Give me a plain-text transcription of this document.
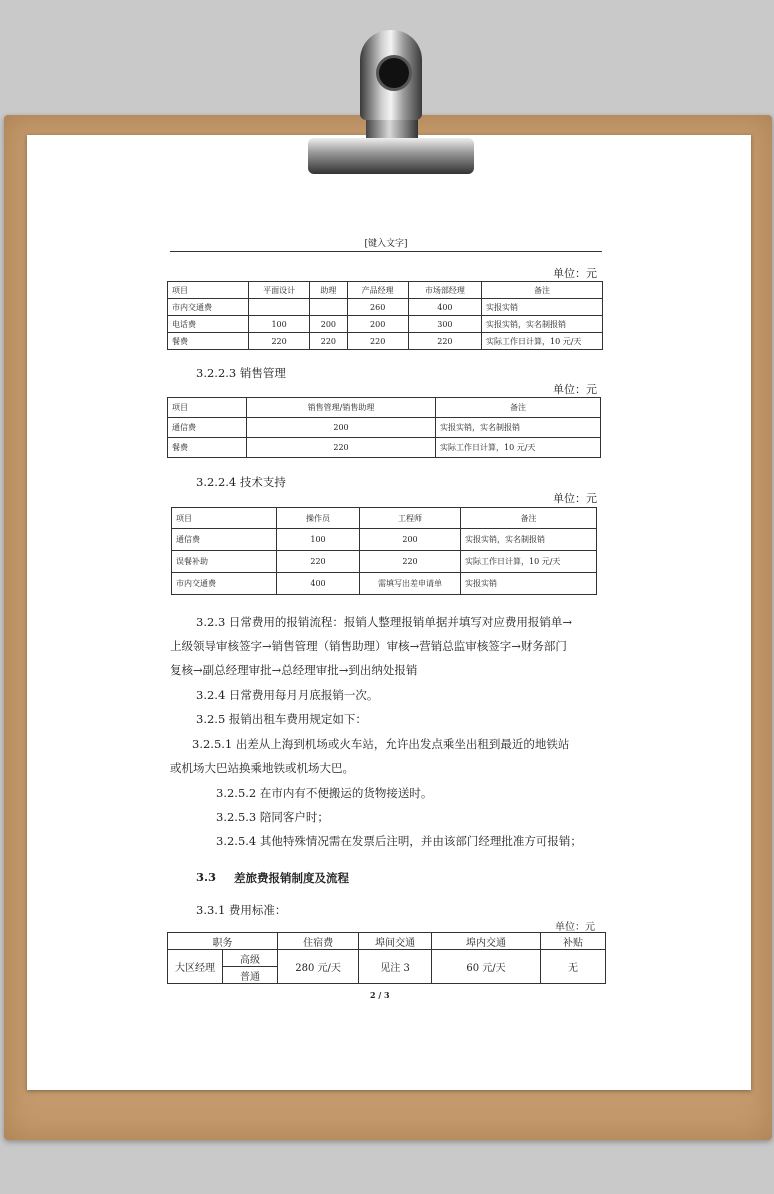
[键入文字]
单位：元
项目	平面设计	助理	产品经理	市场部经理	备注
市内交通费			260	400	实报实销
电话费	100	200	200	300	实报实销，实名制报销
餐费	220	220	220	220	实际工作日计算，10 元/天
3.2.2.3 销售管理
单位：元
项目	销售管理/销售助理	备注
通信费	200	实报实销，实名制报销
餐费	220	实际工作日计算，10 元/天
3.2.2.4 技术支持
单位：元
项目	操作员	工程师	备注
通信费	100	200	实报实销，实名制报销
误餐补助	220	220	实际工作日计算，10 元/天
市内交通费	400	需填写出差申请单	实报实销
3.2.3 日常费用的报销流程：报销人整理报销单据并填写对应费用报销单→
上级领导审核签字→销售管理（销售助理）审核→营销总监审核签字→财务部门
复核→副总经理审批→总经理审批→到出纳处报销
3.2.4 日常费用每月月底报销一次。
3.2.5 报销出租车费用规定如下：
3.2.5.1 出差从上海到机场或火车站，允许出发点乘坐出租到最近的地铁站
或机场大巴站换乘地铁或机场大巴。
3.2.5.2 在市内有不便搬运的货物接送时。
3.2.5.3 陪同客户时；
3.2.5.4 其他特殊情况需在发票后注明，并由该部门经理批准方可报销；
3.3 差旅费报销制度及流程
3.3.1 费用标准：
单位：元
职务		住宿费	埠间交通	埠内交通	补贴
大区经理	高级	280 元/天	见注 3	60 元/天	无
	普通				
2 / 3
